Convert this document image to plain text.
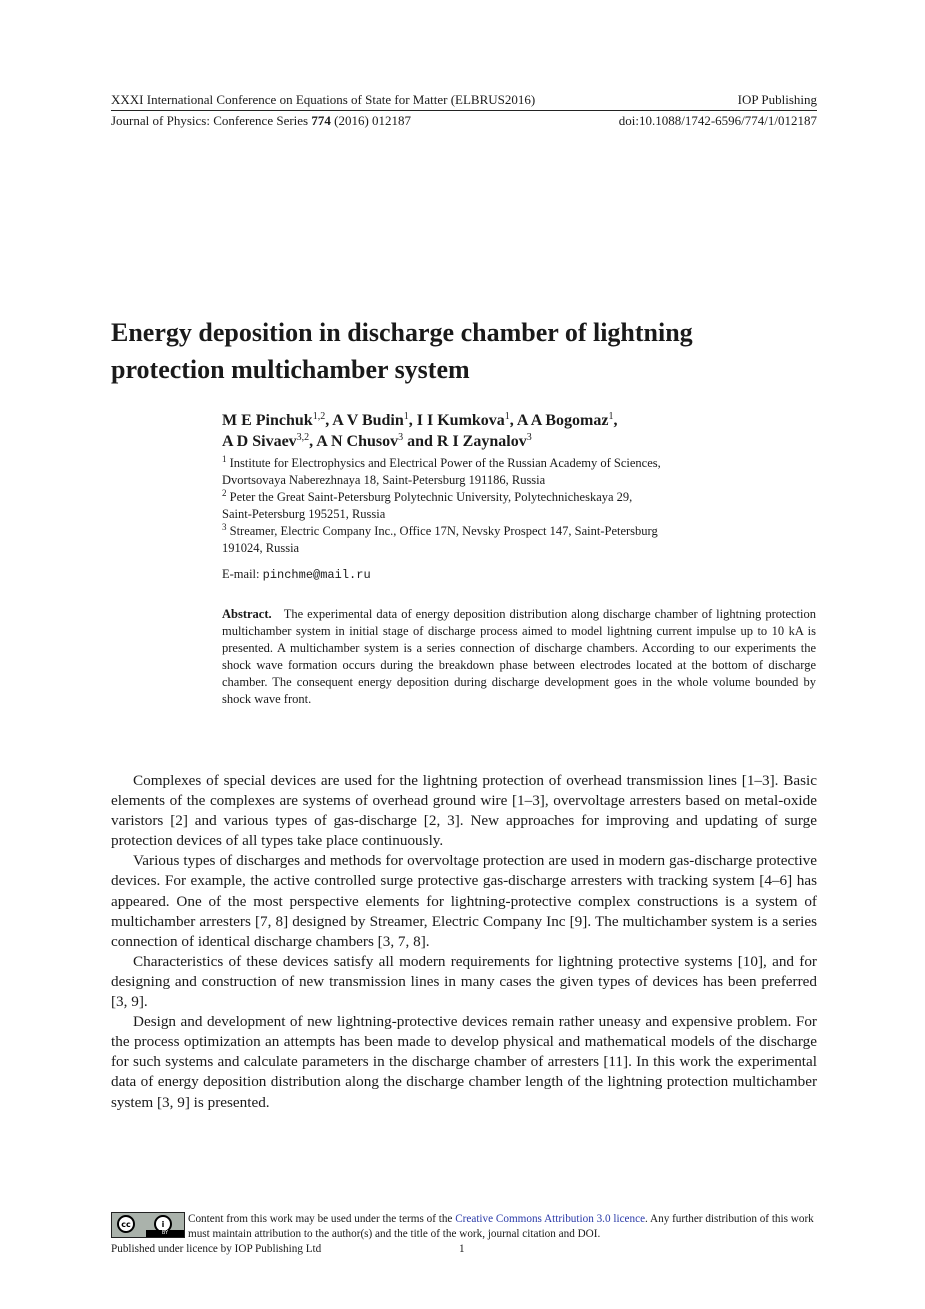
XXXI International Conference on Equations of State for Matter (ELBRUS2016)	IOP Publishing
Journal of Physics: Conference Series 774 (2016) 012187	doi:10.1088/1742-6596/774/1/012187
Energy deposition in discharge chamber of lightning
protection multichamber system
M E Pinchuk$^{1,2}$, A V Budin$^1$, I I Kumkova$^1$, A A Bogomaz$^1$,
A D Sivaev$^{3,2}$, A N Chusov$^3$ and R I Zaynalov$^3$
$^1$ Institute for Electrophysics and Electrical Power of the Russian Academy of Sciences,
Dvortsovaya Naberezhnaya 18, Saint-Petersburg 191186, Russia
$^2$ Peter the Great Saint-Petersburg Polytechnic University, Polytechnicheskaya 29,
Saint-Petersburg 195251, Russia
$^3$ Streamer, Electric Company Inc., Office 17N, Nevsky Prospect 147, Saint-Petersburg
191024, Russia
E-mail: pinchme@mail.ru
Abstract. The experimental data of energy deposition distribution along discharge chamber of lightning protection multichamber system in initial stage of discharge process aimed to model lightning current impulse up to 10 kA is presented. A multichamber system is a series connection of discharge chambers. According to our experiments the shock wave formation occurs during the breakdown phase between electrodes located at the bottom of discharge chamber. The consequent energy deposition during discharge development goes in the whole volume bounded by shock wave front.

Complexes of special devices are used for the lightning protection of overhead transmission lines [1–3]. Basic elements of the complexes are systems of overhead ground wire [1–3], overvoltage arresters based on metal-oxide varistors [2] and various types of gas-discharge [2, 3]. New approaches for improving and updating of surge protection devices of all types take place continuously.

Various types of discharges and methods for overvoltage protection are used in modern gas-discharge protective devices. For example, the active controlled surge protective gas-discharge arresters with tracking system [4–6] has appeared. One of the most perspective elements for lightning-protective complex constructions is a system of multichamber arresters [7, 8] designed by Streamer, Electric Company Inc [9]. The multichamber system is a series connection of identical discharge chambers [3, 7, 8].

Characteristics of these devices satisfy all modern requirements for lightning protective systems [10], and for designing and construction of new transmission lines in many cases the given types of devices has been preferred [3, 9].

Design and development of new lightning-protective devices remain rather uneasy and expensive problem. For the process optimization an attempts has been made to develop physical and mathematical models of the discharge for such systems and calculate parameters in the discharge chamber of arresters [11]. In this work the experimental data of energy deposition distribution along the discharge chamber length of the lightning protection multichamber system [3, 9] is presented.

cc	i
BY
Content from this work may be used under the terms of the Creative Commons Attribution 3.0 licence. Any further distribution of this work must maintain attribution to the author(s) and the title of the work, journal citation and DOI.
Published under licence by IOP Publishing Ltd	1
